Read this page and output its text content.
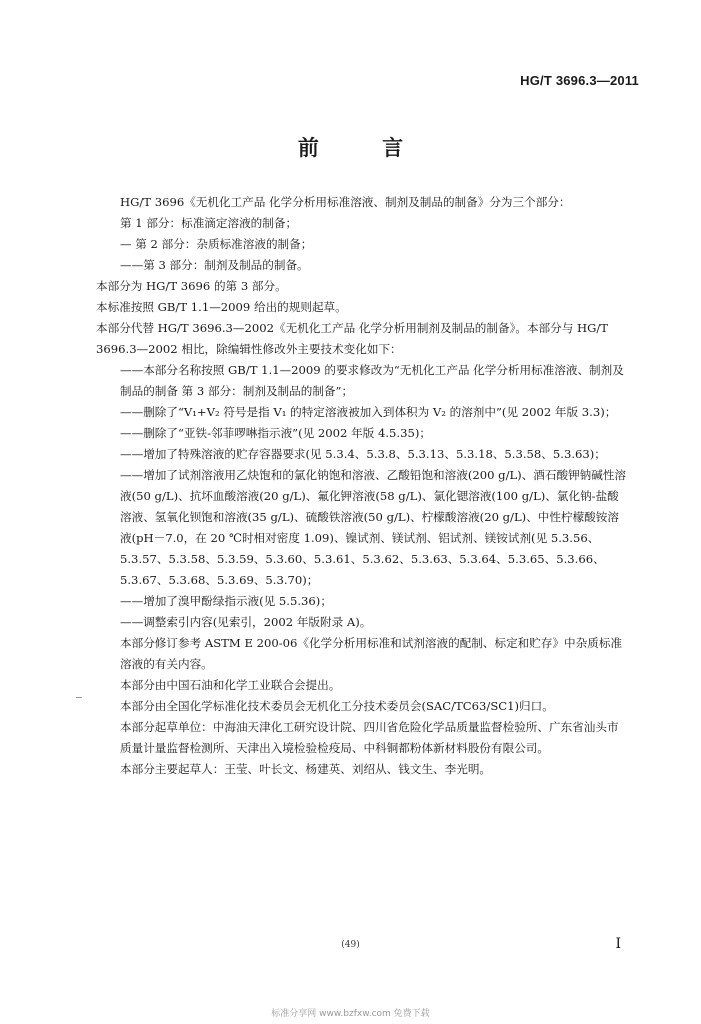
HG/T 3696.3—2011
前 言

HG/T 3696《无机化工产品 化学分析用标准溶液、制剂及制品的制备》分为三个部分：

第 1 部分：标准滴定溶液的制备；

— 第 2 部分：杂质标准溶液的制备；

——第 3 部分：制剂及制品的制备。

本部分为 HG/T 3696 的第 3 部分。

本标准按照 GB/T 1.1—2009 给出的规则起草。

本部分代替 HG/T 3696.3—2002《无机化工产品 化学分析用制剂及制品的制备》。本部分与 HG/T 3696.3—2002 相比，除编辑性修改外主要技术变化如下：

——本部分名称按照 GB/T 1.1—2009 的要求修改为“无机化工产品 化学分析用标准溶液、制剂及制品的制备 第 3 部分：制剂及制品的制备”；

——删除了“V₁+V₂ 符号是指 V₁ 的特定溶液被加入到体积为 V₂ 的溶剂中”(见 2002 年版 3.3)；

——删除了“亚铁-邻菲啰啉指示液”(见 2002 年版 4.5.35)；

——增加了特殊溶液的贮存容器要求(见 5.3.4、5.3.8、5.3.13、5.3.18、5.3.58、5.3.63)；

——增加了试剂溶液用乙炔饱和的氯化钠饱和溶液、乙酸铅饱和溶液(200 g/L)、酒石酸钾钠碱性溶液(50 g/L)、抗坏血酸溶液(20 g/L)、氟化钾溶液(58 g/L)、氯化锶溶液(100 g/L)、氯化钠-盐酸溶液、氢氧化钡饱和溶液(35 g/L)、硫酸铁溶液(50 g/L)、柠檬酸溶液(20 g/L)、中性柠檬酸铵溶液(pH－7.0，在 20 ℃时相对密度 1.09)、镍试剂、镁试剂、铝试剂、镁铵试剂(见 5.3.56、5.3.57、5.3.58、5.3.59、5.3.60、5.3.61、5.3.62、5.3.63、5.3.64、5.3.65、5.3.66、5.3.67、5.3.68、5.3.69、5.3.70)；

——增加了溴甲酚绿指示液(见 5.5.36)；

——调整索引内容(见索引，2002 年版附录 A)。

本部分修订参考 ASTM E 200-06《化学分析用标准和试剂溶液的配制、标定和贮存》中杂质标准溶液的有关内容。

本部分由中国石油和化学工业联合会提出。

本部分由全国化学标准化技术委员会无机化工分技术委员会(SAC/TC63/SC1)归口。

本部分起草单位：中海油天津化工研究设计院、四川省危险化学品质量监督检验所、广东省汕头市质量计量监督检测所、天津出入境检验检疫局、中科铜都粉体新材料股份有限公司。

本部分主要起草人：王莹、叶长文、杨建英、刘绍从、钱文生、李光明。

(49)	I
标准分享网 www.bzfxw.com 免费下载
